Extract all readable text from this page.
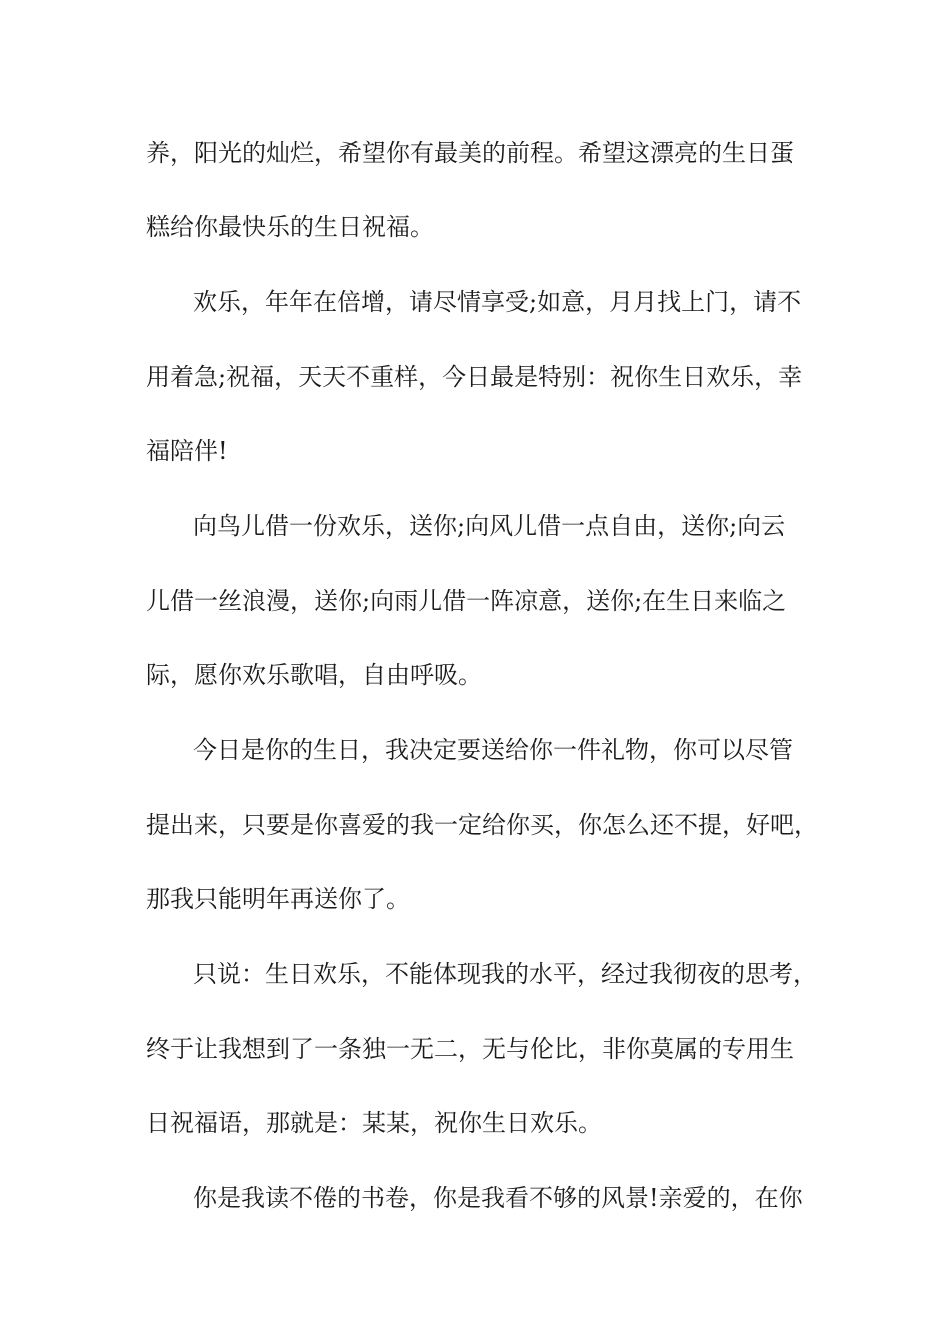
养，阳光的灿烂，希望你有最美的前程。希望这漂亮的生日蛋
糕给你最快乐的生日祝福。
欢乐，年年在倍增，请尽情享受;如意，月月找上门，请不
用着急;祝福，天天不重样，今日最是特别：祝你生日欢乐，幸
福陪伴!
向鸟儿借一份欢乐，送你;向风儿借一点自由，送你;向云
儿借一丝浪漫，送你;向雨儿借一阵凉意，送你;在生日来临之
际，愿你欢乐歌唱，自由呼吸。
今日是你的生日，我决定要送给你一件礼物，你可以尽管
提出来，只要是你喜爱的我一定给你买，你怎么还不提，好吧，
那我只能明年再送你了。
只说：生日欢乐，不能体现我的水平，经过我彻夜的思考，
终于让我想到了一条独一无二，无与伦比，非你莫属的专用生
日祝福语，那就是：某某，祝你生日欢乐。
你是我读不倦的书卷，你是我看不够的风景!亲爱的，在你
